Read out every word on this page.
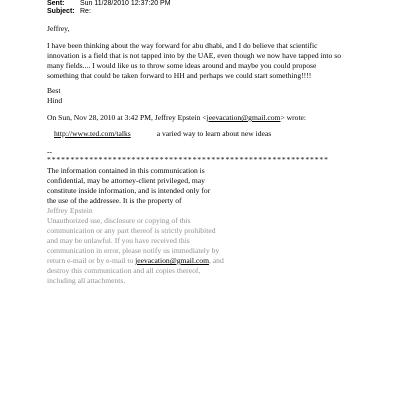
Sent: Sun 11/28/2010 12:37:20 PM
Subject: Re:
Jeffrey,
I have been thinking about the way forward for abu dhabi, and I do believe that scientific
innovation is a field that is not tapped into by the UAE, even though we now have tapped into so
many fields.... I would like us to throw some ideas around and maybe you could propose
something that could be taken forward to HH and perhaps we could start something!!!!
Best
Hind
On Sun, Nov 28, 2010 at 3:42 PM, Jeffrey Epstein <jeevacation@gmail.com> wrote:
http://www.ted.com/talks	a varied way to learn about new ideas
--
************************************************************
The information contained in this communication is
confidential, may be attorney-client privileged, may
constitute inside information, and is intended only for
the use of the addressee. It is the property of
Jeffrey Epstein
Unauthorized use, disclosure or copying of this
communication or any part thereof is strictly prohibited
and may be unlawful. If you have received this
communication in error, please notify us immediately by
return e-mail or by e-mail to jeevacation@gmail.com, and
destroy this communication and all copies thereof,
including all attachments.
